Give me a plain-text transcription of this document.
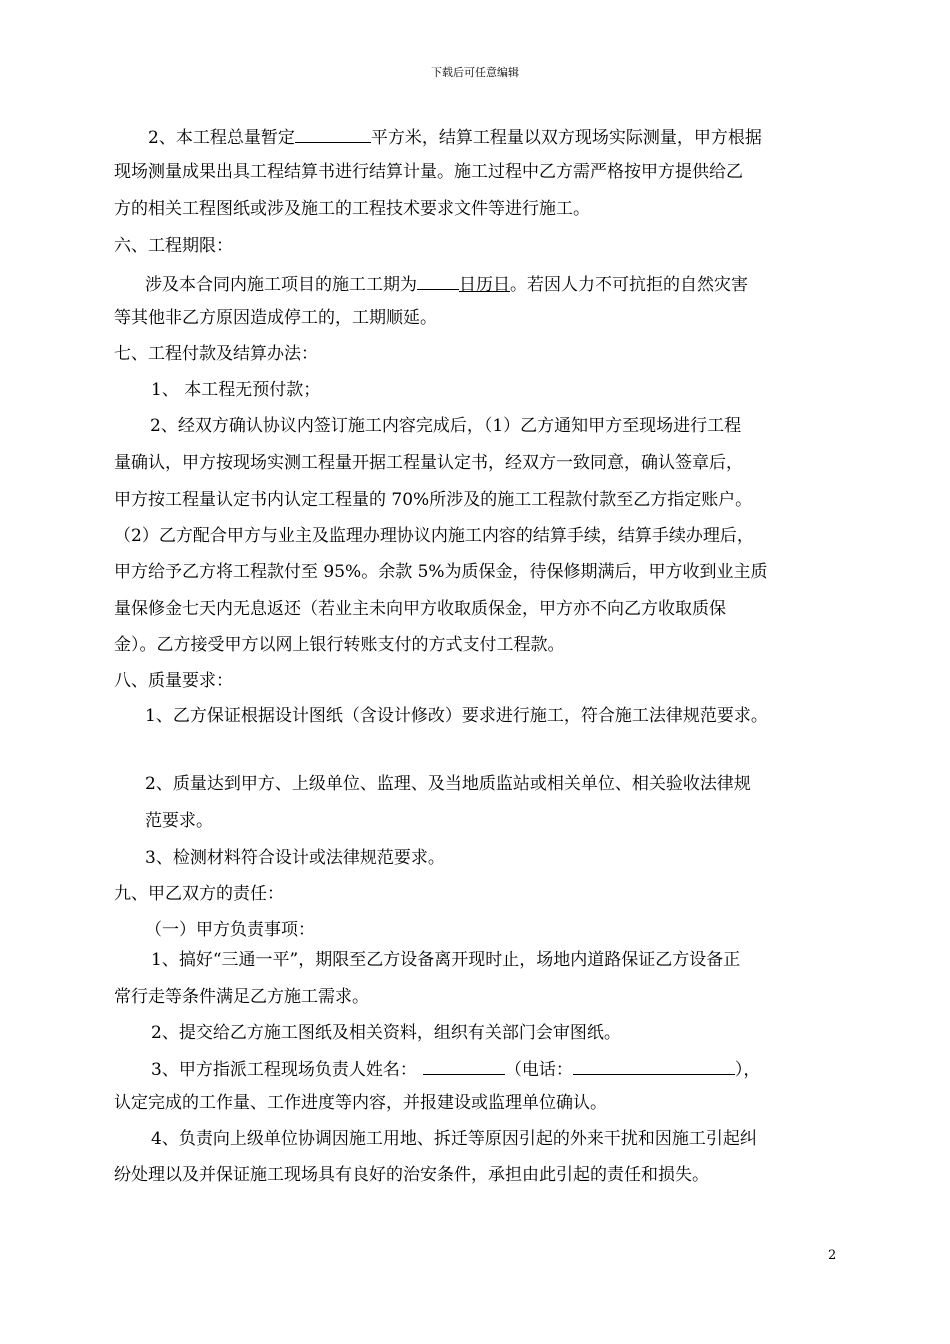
下载后可任意编辑
2、本工程总量暂定	平方米，结算工程量以双方现场实际测量，甲方根据
现场测量成果出具工程结算书进行结算计量。施工过程中乙方需严格按甲方提供给乙
方的相关工程图纸或涉及施工的工程技术要求文件等进行施工。
六、工程期限：
涉及本合同内施工项目的施工工期为 日历日。若因人力不可抗拒的自然灾害
等其他非乙方原因造成停工的，工期顺延。
七、工程付款及结算办法：
1、 本工程无预付款；
2、经双方确认协议内签订施工内容完成后，（1）乙方通知甲方至现场进行工程
量确认，甲方按现场实测工程量开据工程量认定书，经双方一致同意，确认签章后，
甲方按工程量认定书内认定工程量的 70%所涉及的施工工程款付款至乙方指定账户。
（2）乙方配合甲方与业主及监理办理协议内施工内容的结算手续，结算手续办理后，
甲方给予乙方将工程款付至 95%。余款 5%为质保金，待保修期满后，甲方收到业主质
量保修金七天内无息返还（若业主未向甲方收取质保金，甲方亦不向乙方收取质保
金）。乙方接受甲方以网上银行转账支付的方式支付工程款。
八、质量要求：
1、乙方保证根据设计图纸（含设计修改）要求进行施工，符合施工法律规范要求。
2、质量达到甲方、上级单位、监理、及当地质监站或相关单位、相关验收法律规
范要求。
3、检测材料符合设计或法律规范要求。
九、甲乙双方的责任：
（一）甲方负责事项：
1、搞好“三通一平”，期限至乙方设备离开现时止，场地内道路保证乙方设备正
常行走等条件满足乙方施工需求。
2、提交给乙方施工图纸及相关资料，组织有关部门会审图纸。
3、甲方指派工程现场负责人姓名：	（电话：	），
认定完成的工作量、工作进度等内容，并报建设或监理单位确认。
4、负责向上级单位协调因施工用地、拆迁等原因引起的外来干扰和因施工引起纠
纷处理以及并保证施工现场具有良好的治安条件，承担由此引起的责任和损失。
2
